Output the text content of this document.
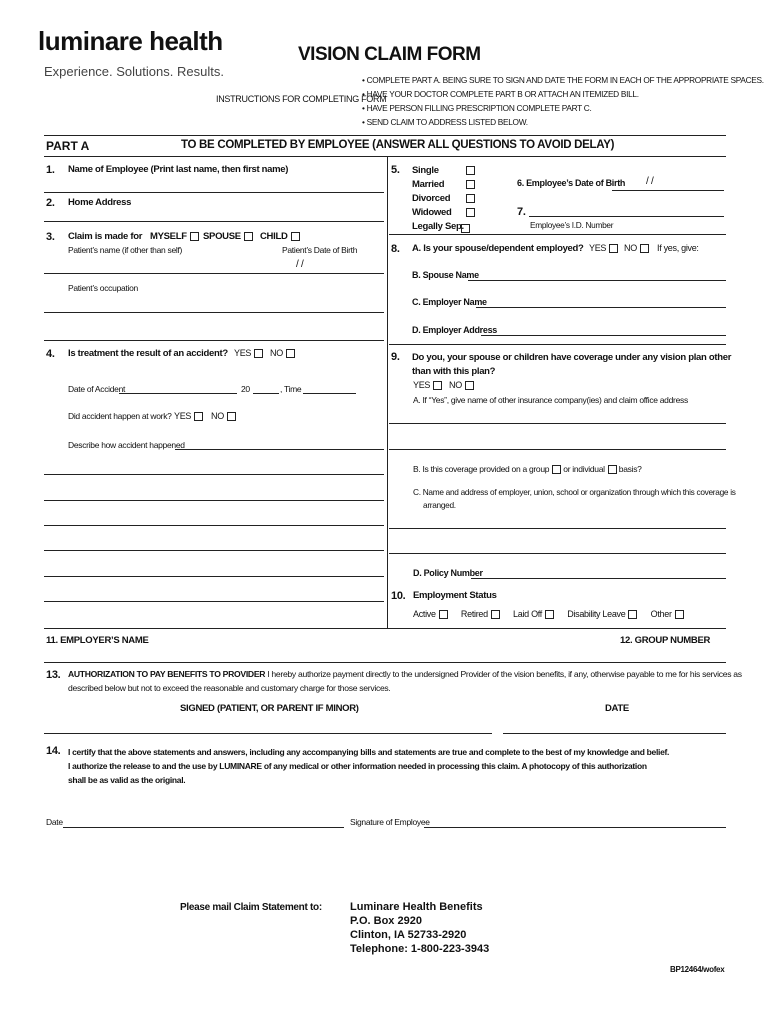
luminare health
Experience. Solutions. Results.
VISION CLAIM FORM
INSTRUCTIONS FOR COMPLETING FORM
• COMPLETE PART A. BEING SURE TO SIGN AND DATE THE FORM IN EACH OF THE APPROPRIATE SPACES.
• HAVE YOUR DOCTOR COMPLETE PART B OR ATTACH AN ITEMIZED BILL.
• HAVE PERSON FILLING PRESCRIPTION COMPLETE PART C.
• SEND CLAIM TO ADDRESS LISTED BELOW.
PART A	TO BE COMPLETED BY EMPLOYEE (ANSWER ALL QUESTIONS TO AVOID DELAY)
1. Name of Employee (Print last name, then first name)
2. Home Address
3. Claim is made for MYSELF	SPOUSE	CHILD
Patient’s name (if other than self)	Patient’s Date of Birth
/ /
Patient’s occupation
4. Is treatment the result of an accident? YES	NO
Date of Accident	20	, Time
Did accident happen at work? YES	NO
Describe how accident happened
5. Single
Married
Divorced
Widowed
Legally Sep.
6. Employee’s Date of Birth / /
7.
Employee’s I.D. Number
8. A. Is your spouse/dependent employed? YES	NO	If yes, give:
B. Spouse Name
C. Employer Name
D. Employer Address
9. Do you, your spouse or children have coverage under any vision plan other
than with this plan?
YES	NO
A. If “Yes”, give name of other insurance company(ies) and claim office address
B. Is this coverage provided on a group or individual basis?
C. Name and address of employer, union, school or organization through which this coverage is
arranged.
D. Policy Number
10. Employment Status
Active	Retired	Laid Off	Disability Leave	Other
11. EMPLOYER’S NAME	12. GROUP NUMBER
13. AUTHORIZATION TO PAY BENEFITS TO PROVIDER I hereby authorize payment directly to the undersigned Provider of the vision benefits, if any, otherwise payable to me for his services as
described below but not to exceed the reasonable and customary charge for those services.
SIGNED (PATIENT, OR PARENT IF MINOR)	DATE
14. I certify that the above statements and answers, including any accompanying bills and statements are true and complete to the best of my knowledge and belief.
I authorize the release to and the use by LUMINARE of any medical or other information needed in processing this claim. A photocopy of this authorization
shall be as valid as the original.
Date	Signature of Employee
Please mail Claim Statement to:	Luminare Health Benefits
P.O. Box 2920
Clinton, IA 52733-2920
Telephone: 1-800-223-3943
BP12464/wofex
